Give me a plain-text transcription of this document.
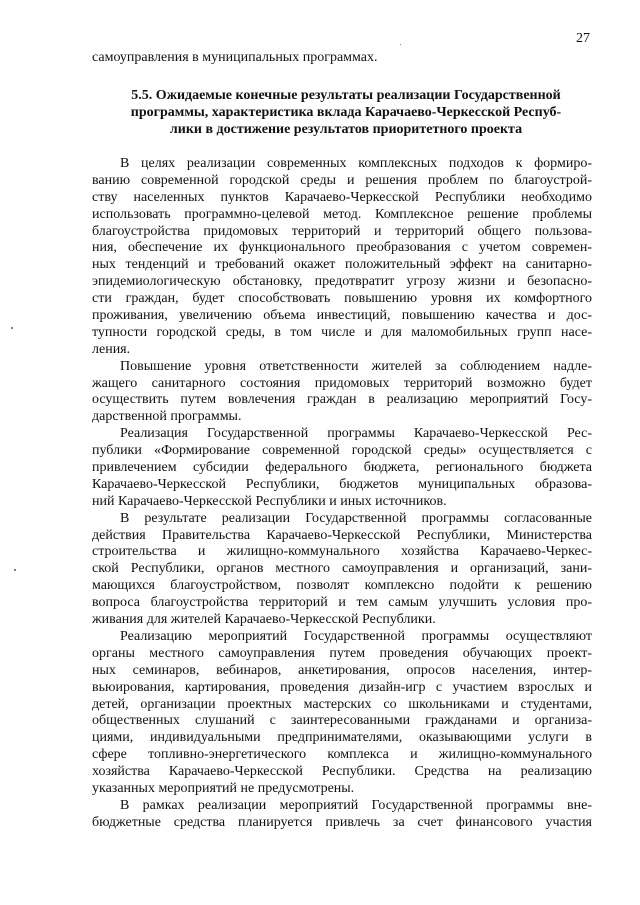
27
самоуправления в муниципальных программах.
5.5. Ожидаемые конечные результаты реализации Государственной
программы, характеристика вклада Карачаево-Черкесской Респуб-
лики в достижение результатов приоритетного проекта
В целях реализации современных комплексных подходов к формиро-
ванию современной городской среды и решения проблем по благоустрой-
ству населенных пунктов Карачаево-Черкесской Республики необходимо
использовать программно-целевой метод. Комплексное решение проблемы
благоустройства придомовых территорий и территорий общего пользова-
ния, обеспечение их функционального преобразования с учетом современ-
ных тенденций и требований окажет положительный эффект на санитарно-
эпидемиологическую обстановку, предотвратит угрозу жизни и безопасно-
сти граждан, будет способствовать повышению уровня их комфортного
проживания, увеличению объема инвестиций, повышению качества и дос-
тупности городской среды, в том числе и для маломобильных групп насе-
ления.
Повышение уровня ответственности жителей за соблюдением надле-
жащего санитарного состояния придомовых территорий возможно будет
осуществить путем вовлечения граждан в реализацию мероприятий Госу-
дарственной программы.
Реализация Государственной программы Карачаево-Черкесской Рес-
публики «Формирование современной городской среды» осуществляется с
привлечением субсидии федерального бюджета, регионального бюджета
Карачаево-Черкесской Республики, бюджетов муниципальных образова-
ний Карачаево-Черкесской Республики и иных источников.
В результате реализации Государственной программы согласованные
действия Правительства Карачаево-Черкесской Республики, Министерства
строительства и жилищно-коммунального хозяйства Карачаево-Черкес-
ской Республики, органов местного самоуправления и организаций, зани-
мающихся благоустройством, позволят комплексно подойти к решению
вопроса благоустройства территорий и тем самым улучшить условия про-
живания для жителей Карачаево-Черкесской Республики.
Реализацию мероприятий Государственной программы осуществляют
органы местного самоуправления путем проведения обучающих проект-
ных семинаров, вебинаров, анкетирования, опросов населения, интер-
вьюирования, картирования, проведения дизайн-игр с участием взрослых и
детей, организации проектных мастерских со школьниками и студентами,
общественных слушаний с заинтересованными гражданами и организа-
циями, индивидуальными предпринимателями, оказывающими услуги в
сфере топливно-энергетического комплекса и жилищно-коммунального
хозяйства Карачаево-Черкесской Республики. Средства на реализацию
указанных мероприятий не предусмотрены.
В рамках реализации мероприятий Государственной программы вне-
бюджетные средства планируется привлечь за счет финансового участия
